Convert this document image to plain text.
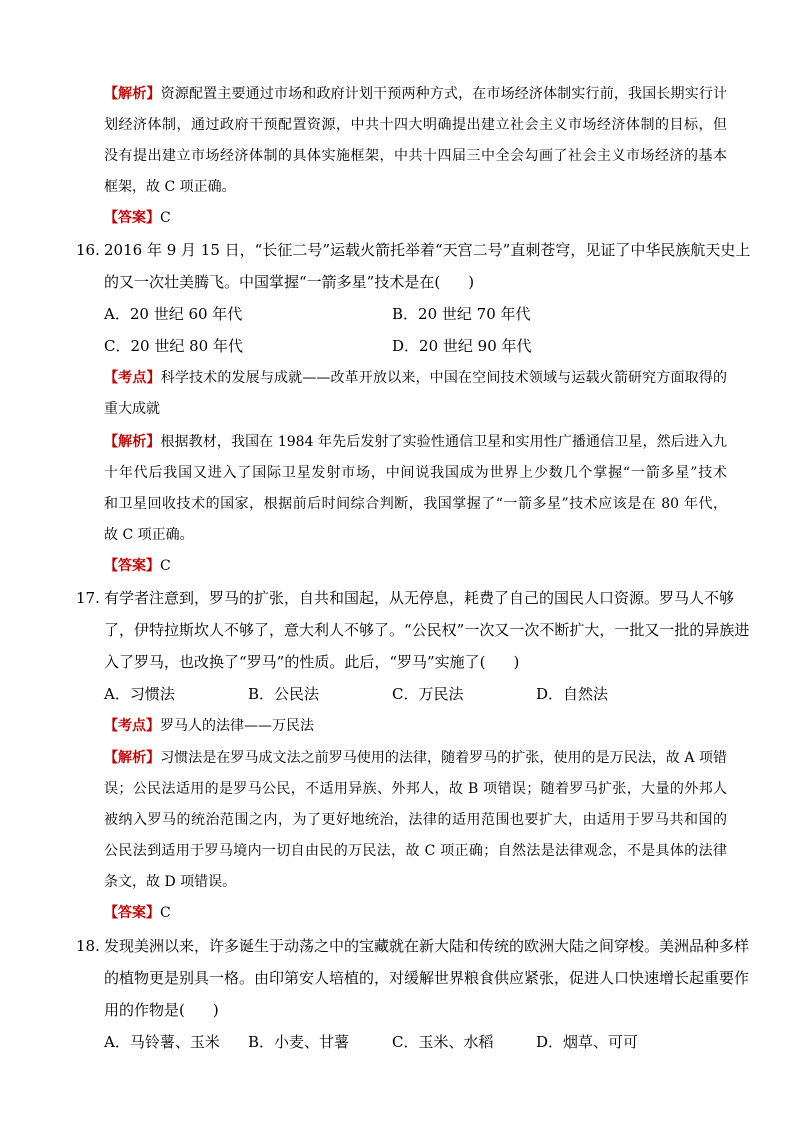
【解析】资源配置主要通过市场和政府计划干预两种方式，在市场经济体制实行前，我国长期实行计
划经济体制，通过政府干预配置资源，中共十四大明确提出建立社会主义市场经济体制的目标，但
没有提出建立市场经济体制的具体实施框架，中共十四届三中全会勾画了社会主义市场经济的基本
框架，故 C 项正确。
【答案】C
16. 2016 年 9 月 15 日，“长征二号”运载火箭托举着“天宫二号”直刺苍穹，见证了中华民族航天史上
的又一次壮美腾飞。中国掌握“一箭多星”技术是在( )
A．20 世纪 60 年代	B．20 世纪 70 年代
C．20 世纪 80 年代	D．20 世纪 90 年代
【考点】科学技术的发展与成就——改革开放以来，中国在空间技术领域与运载火箭研究方面取得的
重大成就
【解析】根据教材，我国在 1984 年先后发射了实验性通信卫星和实用性广播通信卫星，然后进入九
十年代后我国又进入了国际卫星发射市场，中间说我国成为世界上少数几个掌握“一箭多星”技术
和卫星回收技术的国家，根据前后时间综合判断，我国掌握了“一箭多星”技术应该是在 80 年代，
故 C 项正确。
【答案】C
17. 有学者注意到，罗马的扩张，自共和国起，从无停息，耗费了自己的国民人口资源。罗马人不够
了，伊特拉斯坎人不够了，意大利人不够了。“公民权”一次又一次不断扩大，一批又一批的异族进
入了罗马，也改换了“罗马”的性质。此后，“罗马”实施了( )
A．习惯法	B．公民法	C．万民法	D．自然法
【考点】罗马人的法律——万民法
【解析】习惯法是在罗马成文法之前罗马使用的法律，随着罗马的扩张，使用的是万民法，故 A 项错
误；公民法适用的是罗马公民，不适用异族、外邦人，故 B 项错误；随着罗马扩张，大量的外邦人
被纳入罗马的统治范围之内，为了更好地统治，法律的适用范围也要扩大，由适用于罗马共和国的
公民法到适用于罗马境内一切自由民的万民法，故 C 项正确；自然法是法律观念，不是具体的法律
条文，故 D 项错误。
【答案】C
18. 发现美洲以来，许多诞生于动荡之中的宝藏就在新大陆和传统的欧洲大陆之间穿梭。美洲品种多样
的植物更是别具一格。由印第安人培植的，对缓解世界粮食供应紧张，促进人口快速增长起重要作
用的作物是( )
A．马铃薯、玉米 B．小麦、甘薯	C．玉米、水稻	D．烟草、可可
